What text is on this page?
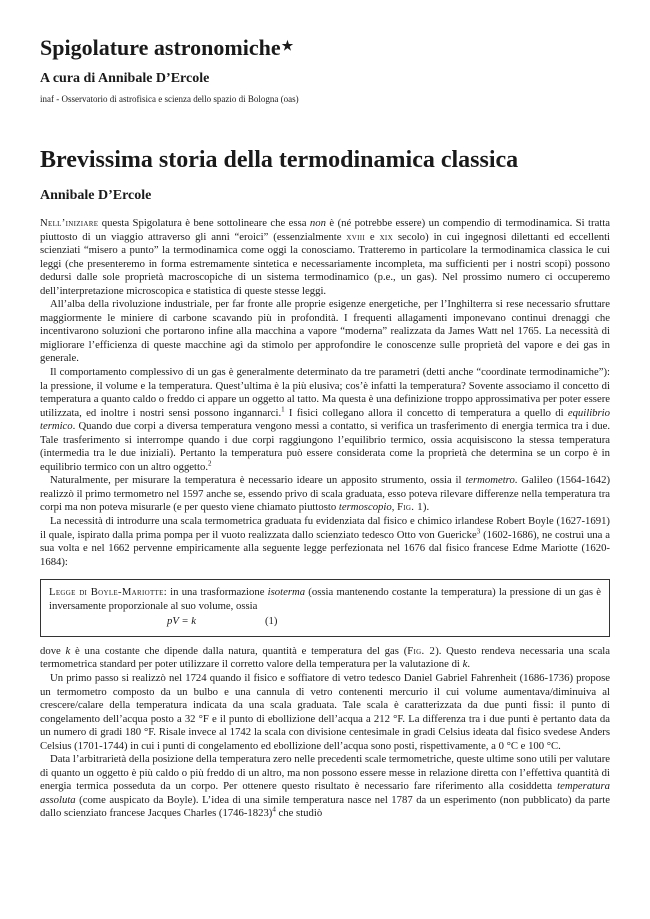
Spigolature astronomiche★
A cura di Annibale D’Ercole
inaf - Osservatorio di astrofisica e scienza dello spazio di Bologna (oas)
Brevissima storia della termodinamica classica
Annibale D’Ercole

Nell’iniziare questa Spigolatura è bene sottolineare che essa non è (né potrebbe essere) un compendio di termodinamica. Si tratta piuttosto di un viaggio attraverso gli anni “eroici” (essenzialmente xviii e xix secolo) in cui ingegnosi dilettanti ed eccellenti scienziati “misero a punto” la termodinamica come oggi la conosciamo. Tratteremo in particolare la termodinamica classica le cui leggi (che presenteremo in forma estremamente sintetica e necessariamente incompleta, ma sufficienti per i nostri scopi) possono dedursi dalle sole proprietà macroscopiche di un sistema termodinamico (p.e., un gas). Nel prossimo numero ci occuperemo dell’interpretazione microscopica e statistica di queste stesse leggi.

All’alba della rivoluzione industriale, per far fronte alle proprie esigenze energetiche, per l’Inghilterra si rese necessario sfruttare maggiormente le miniere di carbone scavando più in profondità. I frequenti allagamenti imponevano continui drenaggi che incentivarono soluzioni che portarono infine alla macchina a vapore “moderna” realizzata da James Watt nel 1765. La necessità di migliorare l’efficienza di queste macchine agì da stimolo per approfondire le conoscenze sulle proprietà del vapore e dei gas in generale.

Il comportamento complessivo di un gas è generalmente determinato da tre parametri (detti anche “coordinate termodinamiche”): la pressione, il volume e la temperatura. Quest’ultima è la più elusiva; cos’è infatti la temperatura? Sovente associamo il concetto di temperatura a quanto caldo o freddo ci appare un oggetto al tatto. Ma questa è una definizione troppo approssimativa per poter essere utilizzata, ed inoltre i nostri sensi possono ingannarci.$^1$ I fisici collegano allora il concetto di temperatura a quello di equilibrio termico. Quando due corpi a diversa temperatura vengono messi a contatto, si verifica un trasferimento di energia termica tra i due. Tale trasferimento si interrompe quando i due corpi raggiungono l’equilibrio termico, ossia acquisiscono la stessa temperatura (intermedia tra le due iniziali). Pertanto la temperatura può essere considerata come la proprietà che determina se un corpo è in equilibrio termico con un altro oggetto.$^2$

Naturalmente, per misurare la temperatura è necessario ideare un apposito strumento, ossia il termometro. Galileo (1564-1642) realizzò il primo termometro nel 1597 anche se, essendo privo di scala graduata, esso poteva rilevare differenze nella temperatura tra corpi ma non poteva misurarle (e per questo viene chiamato piuttosto termoscopio, Fig. 1).

La necessità di introdurre una scala termometrica graduata fu evidenziata dal fisico e chimico irlandese Robert Boyle (1627-1691) il quale, ispirato dalla prima pompa per il vuoto realizzata dallo scienziato tedesco Otto von Guericke$^3$ (1602-1686), ne costruì una a sua volta e nel 1662 pervenne empiricamente alla seguente legge perfezionata nel 1676 dal fisico francese Edme Mariotte (1620-1684):

Legge di Boyle-Mariotte: in una trasformazione isoterma (ossia mantenendo costante la temperatura) la pressione di un gas è inversamente proporzionale al suo volume, ossia
pV = k	(1)

dove k è una costante che dipende dalla natura, quantità e temperatura del gas (Fig. 2). Questo rendeva necessaria una scala termometrica standard per poter utilizzare il corretto valore della temperatura per la valutazione di k.

Un primo passo si realizzò nel 1724 quando il fisico e soffiatore di vetro tedesco Daniel Gabriel Fahrenheit (1686-1736) propose un termometro composto da un bulbo e una cannula di vetro contenenti mercurio il cui volume aumentava/diminuiva al crescere/calare della temperatura indicata da una scala graduata. Tale scala è caratterizzata da due punti fissi: il punto di congelamento dell’acqua posto a 32 °F e il punto di ebollizione dell’acqua a 212 °F. La differenza tra i due punti è pertanto data da un numero di gradi 180 °F. Risale invece al 1742 la scala con divisione centesimale in gradi Celsius ideata dal fisico svedese Anders Celsius (1701-1744) in cui i punti di congelamento ed ebollizione dell’acqua sono posti, rispettivamente, a 0 °C e 100 °C.

Data l’arbitrarietà della posizione della temperatura zero nelle precedenti scale termometriche, queste ultime sono utili per valutare di quanto un oggetto è più caldo o più freddo di un altro, ma non possono essere messe in relazione diretta con l’effettiva quantità di energia termica posseduta da un corpo. Per ottenere questo risultato è necessario fare riferimento alla cosiddetta temperatura assoluta (come auspicato da Boyle). L’idea di una simile temperatura nasce nel 1787 da un esperimento (non pubblicato) da parte dallo scienziato francese Jacques Charles (1746-1823)$^4$ che studiò
